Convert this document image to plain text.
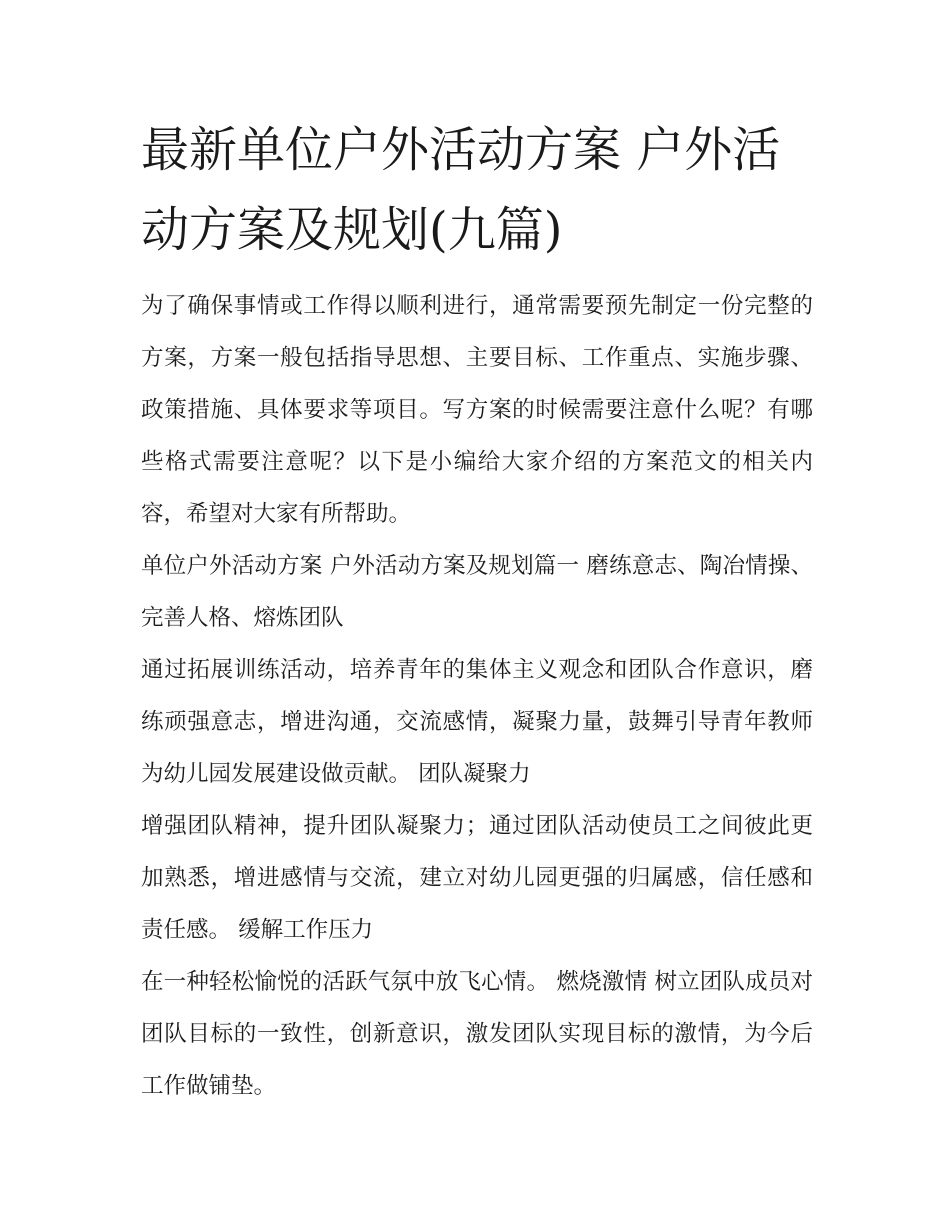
最新单位户外活动方案 户外活动方案及规划(九篇)

为了确保事情或工作得以顺利进行，通常需要预先制定一份完整的方案，方案一般包括指导思想、主要目标、工作重点、实施步骤、政策措施、具体要求等项目。写方案的时候需要注意什么呢？有哪些格式需要注意呢？以下是小编给大家介绍的方案范文的相关内容，希望对大家有所帮助。

单位户外活动方案 户外活动方案及规划篇一 磨练意志、陶冶情操、完善人格、熔炼团队

通过拓展训练活动，培养青年的集体主义观念和团队合作意识，磨练顽强意志，增进沟通，交流感情，凝聚力量，鼓舞引导青年教师为幼儿园发展建设做贡献。 团队凝聚力

增强团队精神，提升团队凝聚力；通过团队活动使员工之间彼此更加熟悉，增进感情与交流，建立对幼儿园更强的归属感，信任感和责任感。 缓解工作压力

在一种轻松愉悦的活跃气氛中放飞心情。 燃烧激情 树立团队成员对团队目标的一致性，创新意识，激发团队实现目标的激情，为今后工作做铺垫。
